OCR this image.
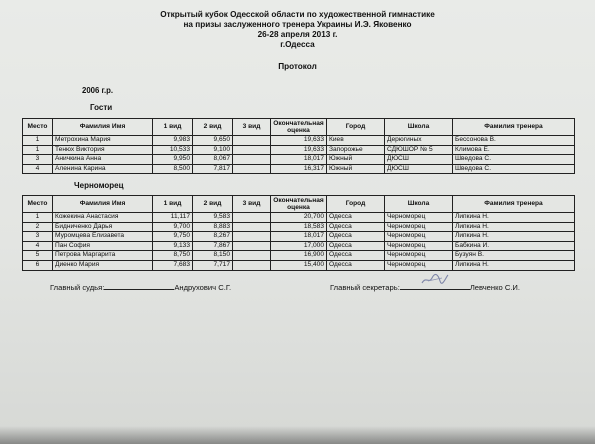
Открытый кубок Одесской области по художественной гимнастике
на призы заслуженного тренера Украины И.Э. Яковенко
26-28 апреля 2013 г.
г.Одесса
Протокол
2006 г.р.
Гости
Место	Фамилия Имя	1 вид	2 вид	3 вид	Окончательная оценка	Город	Школа	Фамилия тренера
1	Метрохина Мария	9,983	9,650		19,633	Киев	Дерюгиных	Бессонова В.
1	Тенюх Виктория	10,533	9,100		19,633	Запорожье	СДЮШОР № 5	Климова Е.
3	Аничкина Анна	9,950	8,067		18,017	Южный	ДЮСШ	Шведова С.
4	Аленина Карина	8,500	7,817		16,317	Южный	ДЮСШ	Шведова С.
Черноморец
Место	Фамилия Имя	1 вид	2 вид	3 вид	Окончательная оценка	Город	Школа	Фамилия тренера
1	Кожекина Анастасия	11,117	9,583		20,700	Одесса	Черноморец	Липкина Н.
2	Бидниченко Дарья	9,700	8,883		18,583	Одесса	Черноморец	Липкина Н.
3	Муромцева Елизавета	9,750	8,267		18,017	Одесса	Черноморец	Липкина Н.
4	Пан София	9,133	7,867		17,000	Одесса	Черноморец	Бабкина И.
5	Петрова Маргарита	8,750	8,150		16,900	Одесса	Черноморец	Бузуян В.
6	Диенко Мария	7,683	7,717		15,400	Одесса	Черноморец	Липкина Н.
Главный судья:	Андрухович С.Г.	Главный секретарь:	Левченко С.И.
